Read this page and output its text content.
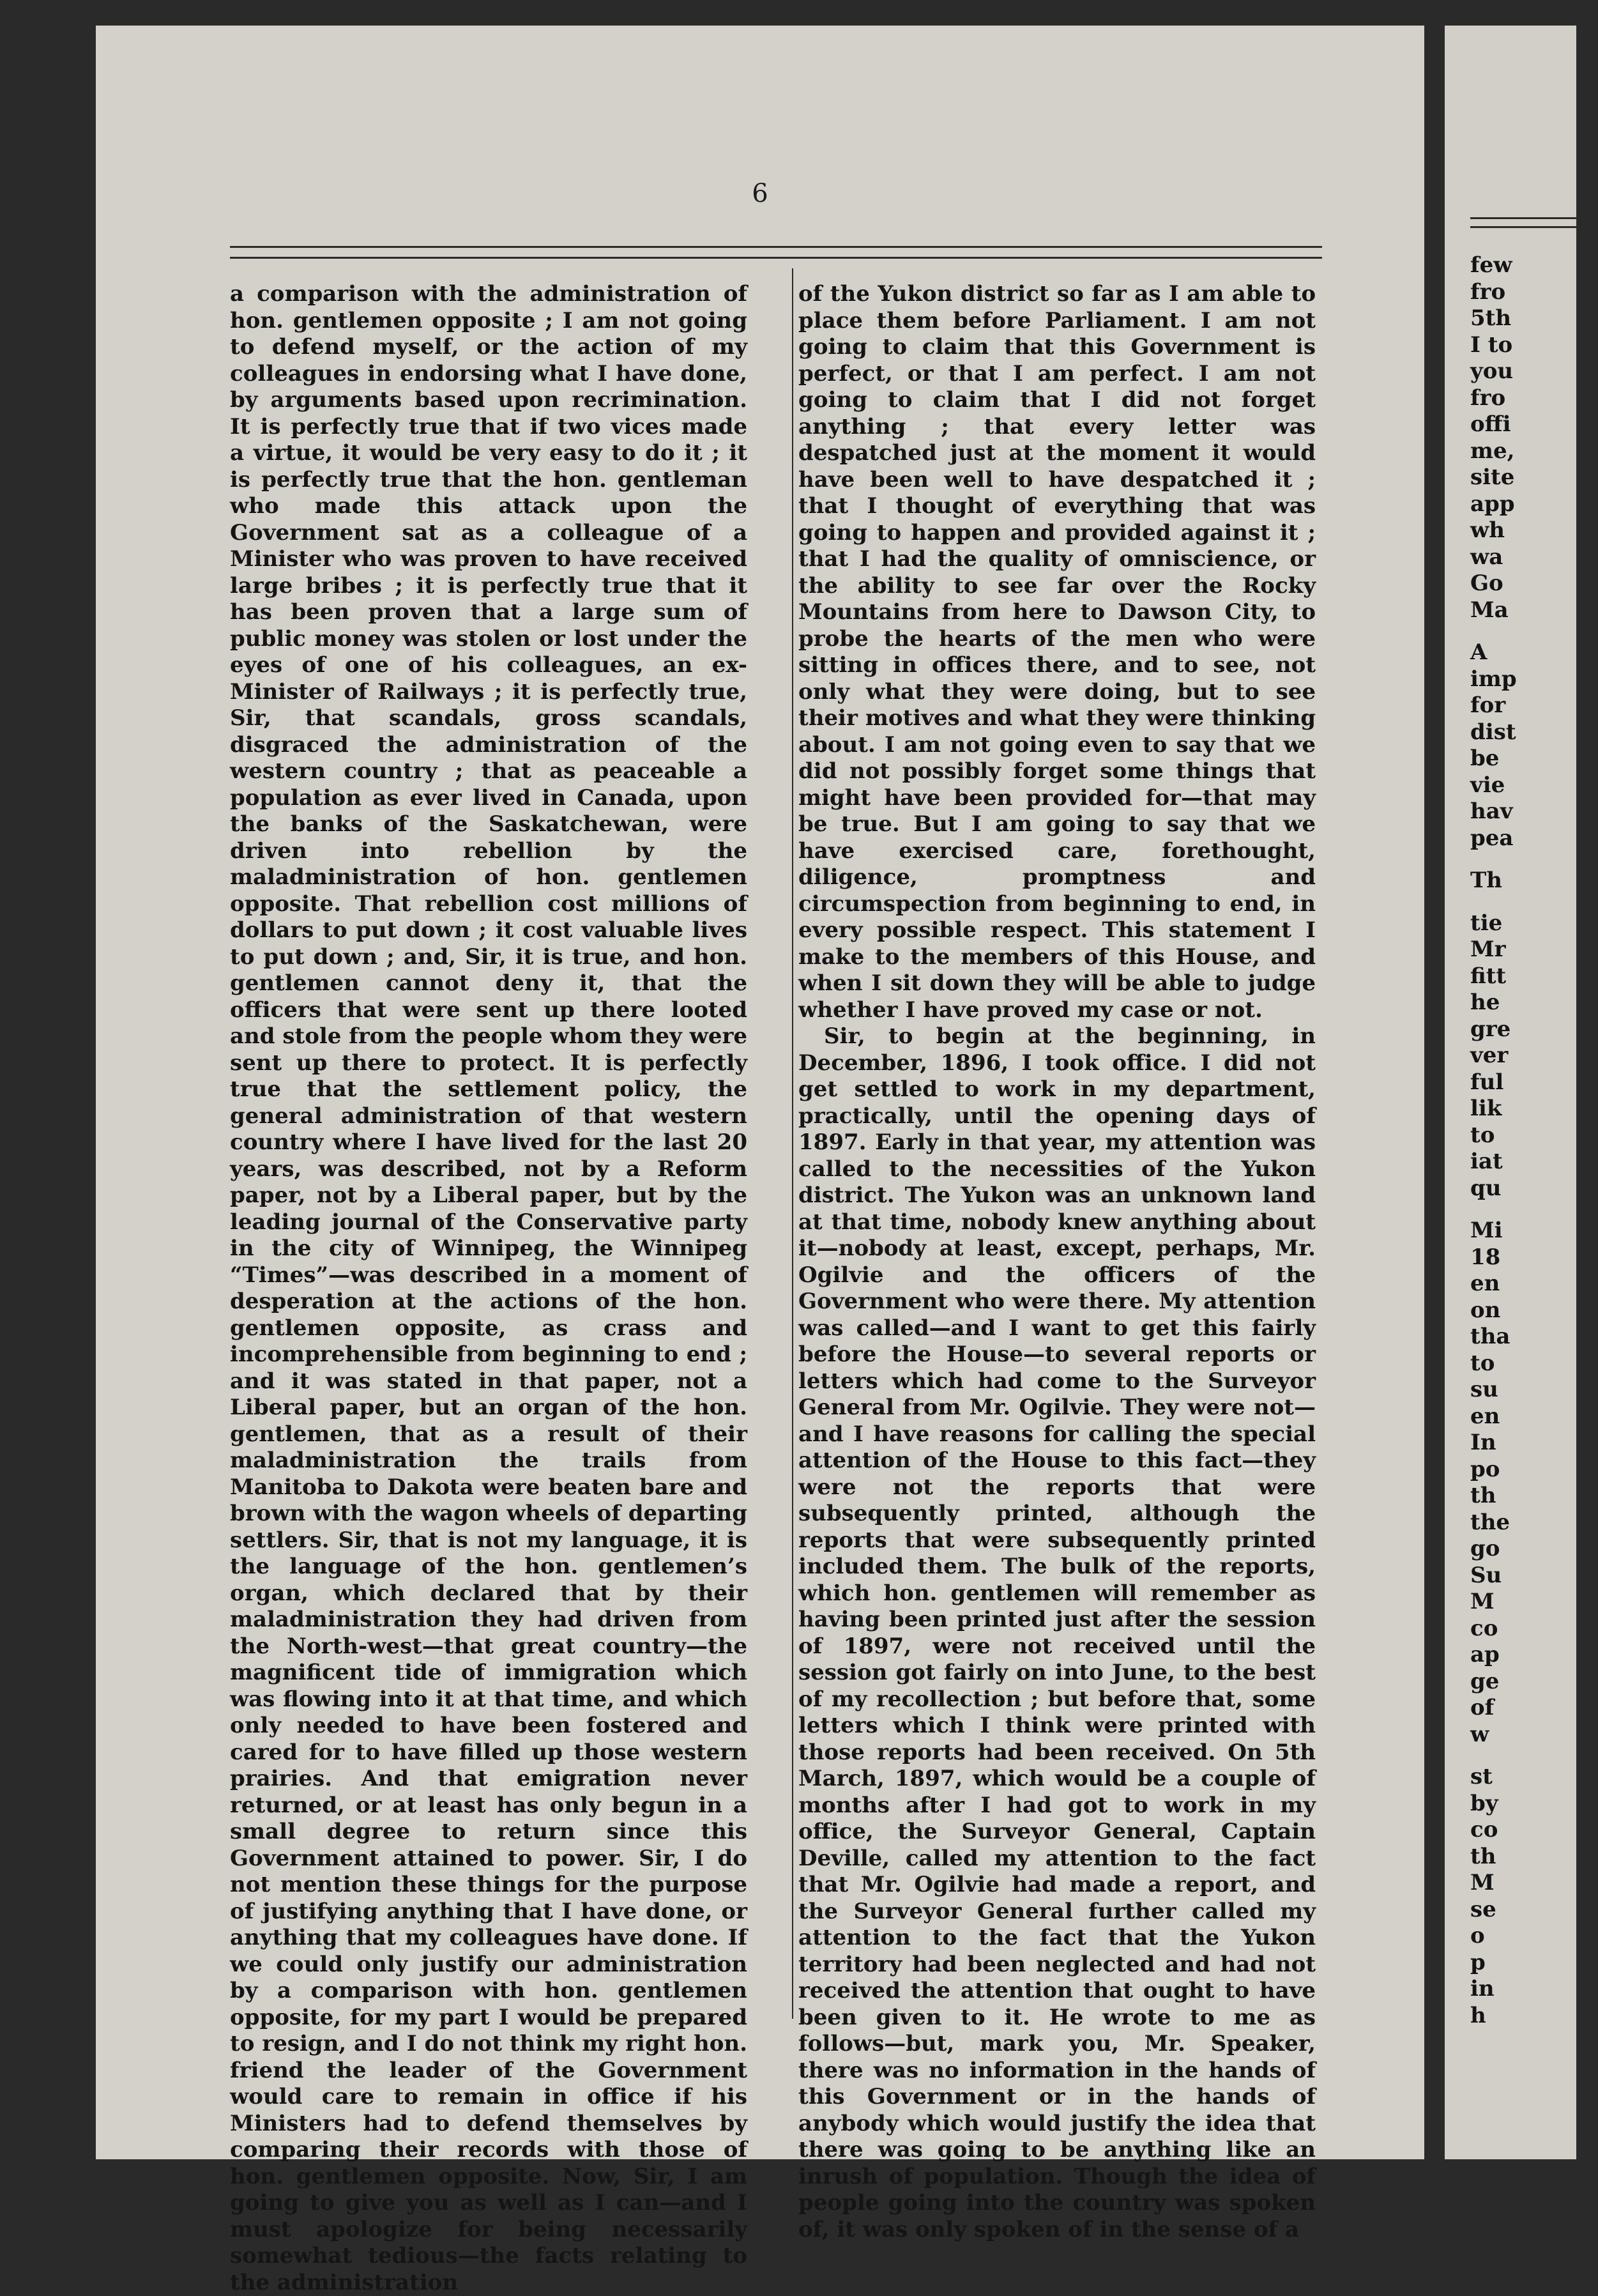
6

a comparison with the administration of hon. gentlemen opposite ; I am not going to defend myself, or the action of my colleagues in endorsing what I have done, by arguments based upon recrimination. It is perfectly true that if two vices made a virtue, it would be very easy to do it ; it is perfectly true that the hon. gentleman who made this attack upon the Government sat as a colleague of a Minister who was proven to have received large bribes ; it is perfectly true that it has been proven that a large sum of public money was stolen or lost under the eyes of one of his colleagues, an ex-Minister of Railways ; it is perfectly true, Sir, that scandals, gross scandals, disgraced the administration of the western country ; that as peaceable a population as ever lived in Canada, upon the banks of the Saskatchewan, were driven into rebellion by the maladministration of hon. gentlemen opposite. That rebellion cost millions of dollars to put down ; it cost valuable lives to put down ; and, Sir, it is true, and hon. gentlemen cannot deny it, that the officers that were sent up there looted and stole from the people whom they were sent up there to protect. It is perfectly true that the settlement policy, the general administration of that western country where I have lived for the last 20 years, was described, not by a Reform paper, not by a Liberal paper, but by the leading journal of the Conservative party in the city of Winnipeg, the Winnipeg “Times”—was described in a moment of desperation at the actions of the hon. gentlemen opposite, as crass and incomprehensible from beginning to end ; and it was stated in that paper, not a Liberal paper, but an organ of the hon. gentlemen, that as a result of their maladministration the trails from Manitoba to Dakota were beaten bare and brown with the wagon wheels of departing settlers. Sir, that is not my language, it is the language of the hon. gentlemen’s organ, which declared that by their maladministration they had driven from the North-west—that great country—the magnificent tide of immigration which was flowing into it at that time, and which only needed to have been fostered and cared for to have filled up those western prairies. And that emigration never returned, or at least has only begun in a small degree to return since this Government attained to power. Sir, I do not mention these things for the purpose of justifying anything that I have done, or anything that my colleagues have done. If we could only justify our administration by a comparison with hon. gentlemen opposite, for my part I would be prepared to resign, and I do not think my right hon. friend the leader of the Government would care to remain in office if his Ministers had to defend themselves by comparing their records with those of hon. gentlemen opposite. Now, Sir, I am going to give you as well as I can—and I must apologize for being necessarily somewhat tedious—the facts relating to the administration

of the Yukon district so far as I am able to place them before Parliament. I am not going to claim that this Government is perfect, or that I am perfect. I am not going to claim that I did not forget anything ; that every letter was despatched just at the moment it would have been well to have despatched it ; that I thought of everything that was going to happen and provided against it ; that I had the quality of omniscience, or the ability to see far over the Rocky Mountains from here to Dawson City, to probe the hearts of the men who were sitting in offices there, and to see, not only what they were doing, but to see their motives and what they were thinking about. I am not going even to say that we did not possibly forget some things that might have been provided for—that may be true. But I am going to say that we have exercised care, forethought, diligence, promptness and circumspection from beginning to end, in every possible respect. This statement I make to the members of this House, and when I sit down they will be able to judge whether I have proved my case or not.

Sir, to begin at the beginning, in December, 1896, I took office. I did not get settled to work in my department, practically, until the opening days of 1897. Early in that year, my attention was called to the necessities of the Yukon district. The Yukon was an unknown land at that time, nobody knew anything about it—nobody at least, except, perhaps, Mr. Ogilvie and the officers of the Government who were there. My attention was called—and I want to get this fairly before the House—to several reports or letters which had come to the Surveyor General from Mr. Ogilvie. They were not—and I have reasons for calling the special attention of the House to this fact—they were not the reports that were subsequently printed, although the reports that were subsequently printed included them. The bulk of the reports, which hon. gentlemen will remember as having been printed just after the session of 1897, were not received until the session got fairly on into June, to the best of my recollection ; but before that, some letters which I think were printed with those reports had been received. On 5th March, 1897, which would be a couple of months after I had got to work in my office, the Surveyor General, Captain Deville, called my attention to the fact that Mr. Ogilvie had made a report, and the Surveyor General further called my attention to the fact that the Yukon territory had been neglected and had not received the attention that ought to have been given to it. He wrote to me as follows—but, mark you, Mr. Speaker, there was no information in the hands of this Government or in the hands of anybody which would justify the idea that there was going to be anything like an inrush of population. Though the idea of people going into the country was spoken of, it was only spoken of in the sense of a

few
fro
5th
I to
you
fro
offi
me,
site
app
wh
wa
Go
Ma
A
imp
for
dist
be
vie
hav
pea
Th
tie
Mr
fitt
he
gre
ver
ful
lik
to
iat
qu
Mi
18
en
on
tha
to
su
en
In
po
th
the
go
Su
M
co
ap
ge
of
w
st
by
co
th
M
se
o
p
in
h
